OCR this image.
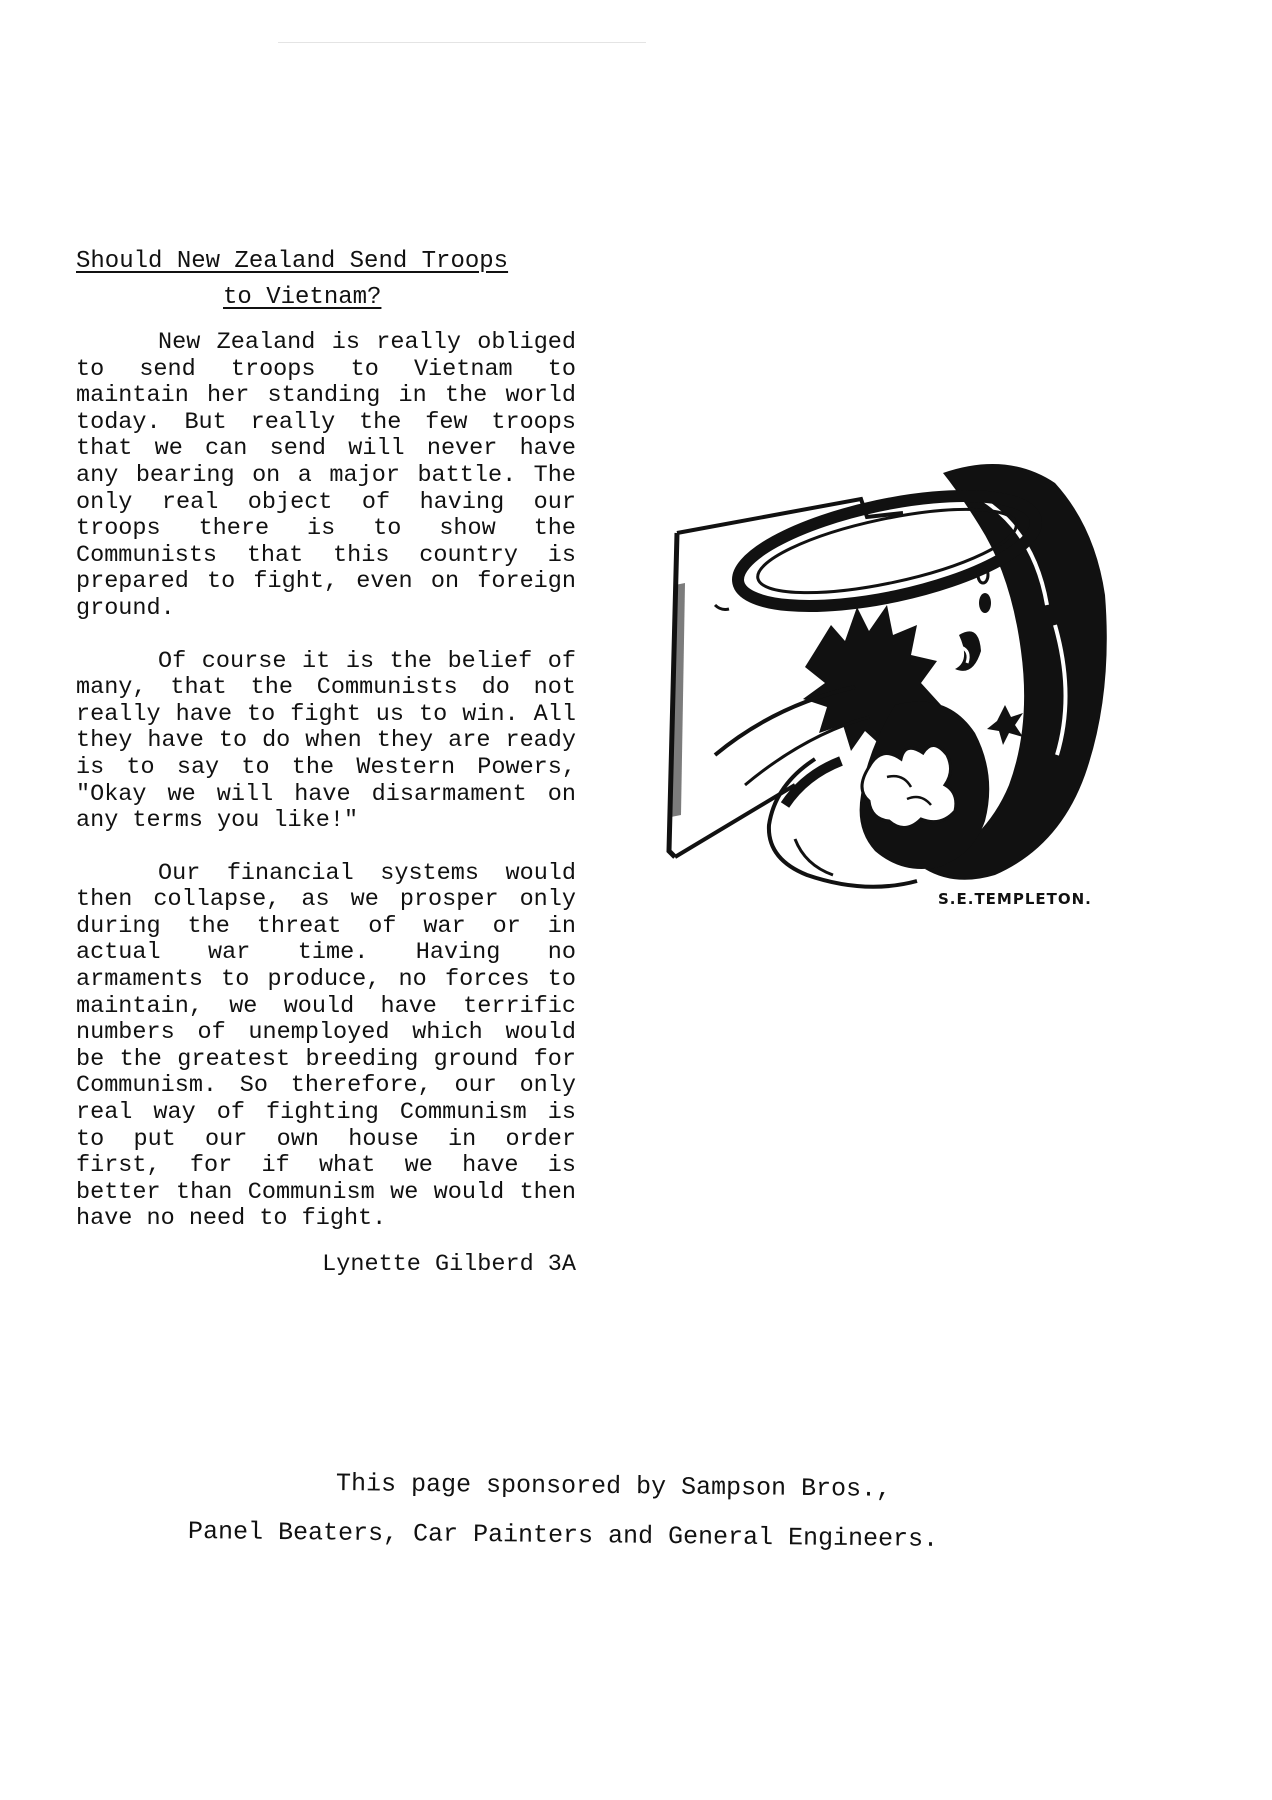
Should New Zealand Send Troops
to Vietnam?

New Zealand is really obliged to send troops to Vietnam to maintain her standing in the world today. But really the few troops that we can send will never have any bearing on a major battle. The only real object of having our troops there is to show the Communists that this country is prepared to fight, even on foreign ground.

Of course it is the belief of many, that the Communists do not really have to fight us to win. All they have to do when they are ready is to say to the Western Powers, "Okay we will have disarmament on any terms you like!"

Our financial systems would then collapse, as we prosper only during the threat of war or in actual war time. Having no armaments to produce, no forces to maintain, we would have terrific numbers of unemployed which would be the greatest breeding ground for Communism. So therefore, our only real way of fighting Communism is to put our own house in order first, for if what we have is better than Communism we would then have no need to fight.

Lynette Gilberd 3A
S.E.TEMPLETON.
This page sponsored by Sampson Bros.,
Panel Beaters, Car Painters and General Engineers.
